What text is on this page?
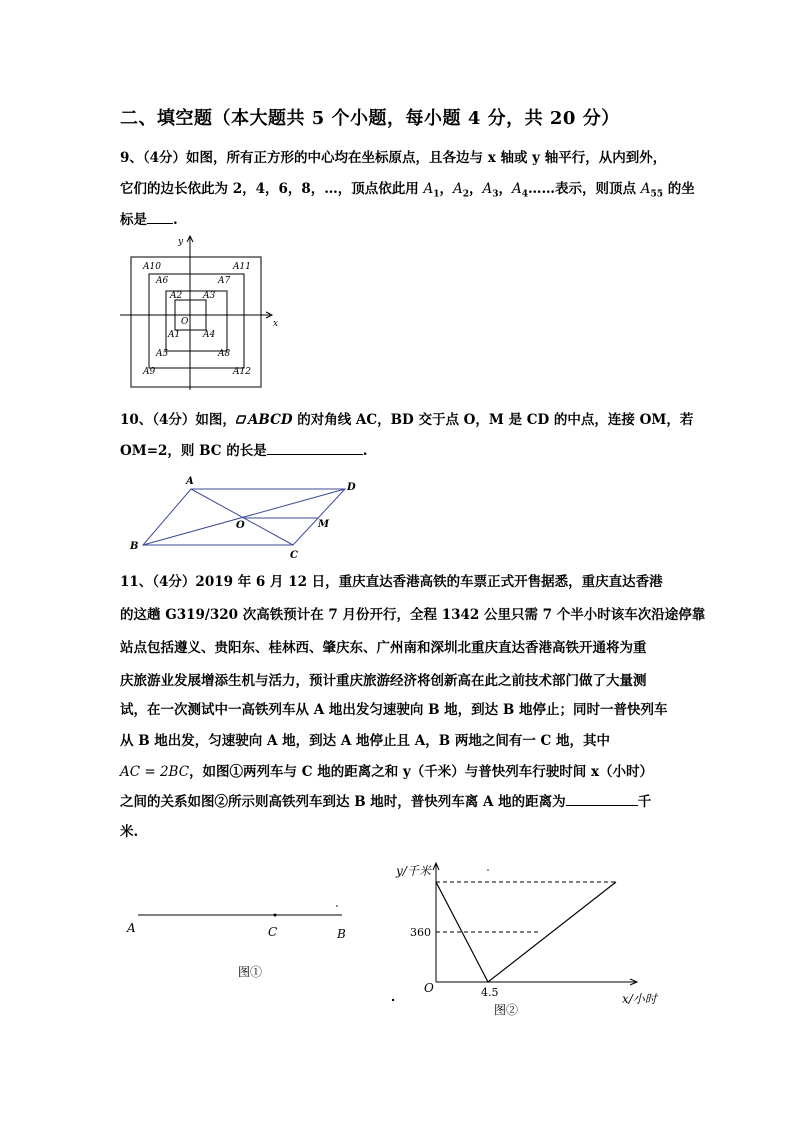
二、填空题（本大题共 5 个小题，每小题 4 分，共 20 分）
9、（4分）如图，所有正方形的中心均在坐标原点，且各边与 x 轴或 y 轴平行，从内到外，
它们的边长依此为 2，4，6，8，…，顶点依此用 $A_1$，$A_2$，$A_3$，$A_4\dots\dots$表示，则顶点 $A_{55}$ 的坐
标是 .
x
y
O
A1
A2 A3
A4
A5
A6	A7
A8
A9
A10	A11
A12
10、（4分）如图， ABCD 的对角线 AC，BD 交于点 O，M 是 CD 的中点，连接 OM，若
OM=2，则 BC 的长是	.
A
D
O	M
B
C
11、（4分）2019 年 6 月 12 日，重庆直达香港高铁的车票正式开售据悉，重庆直达香港
的这趟 G319/320 次高铁预计在 7 月份开行，全程 1342 公里只需 7 个半小时该车次沿途停靠
站点包括遵义、贵阳东、桂林西、肇庆东、广州南和深圳北重庆直达香港高铁开通将为重
庆旅游业发展增添生机与活力，预计重庆旅游经济将创新高在此之前技术部门做了大量测
试，在一次测试中一高铁列车从 A 地出发匀速驶向 B 地，到达 B 地停止；同时一普快列车
从 B 地出发，匀速驶向 A 地，到达 A 地停止且 A，B 两地之间有一 C 地，其中
AC = 2BC，如图①两列车与 C 地的距离之和 y（千米）与普快列车行驶时间 x（小时）
之间的关系如图②所示则高铁列车到达 B 地时，普快列车离 A 地的距离为	千
米.
A	C	B
图①
y/千米
360
O	4.5	x/小时
图②
